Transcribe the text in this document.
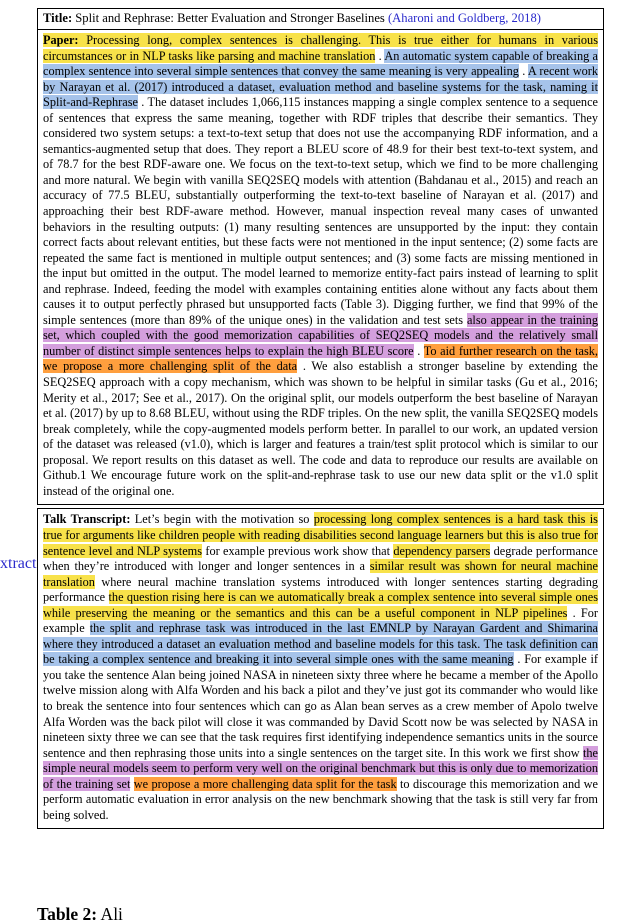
xtract
Title: Split and Rephrase: Better Evaluation and Stronger Baselines (Aharoni and Goldberg, 2018)
Paper: Processing long, complex sentences is challenging. This is true either for humans in various circumstances or in NLP tasks like parsing and machine translation . An automatic system capable of breaking a complex sentence into several simple sentences that convey the same meaning is very appealing . A recent work by Narayan et al. (2017) introduced a dataset, evaluation method and baseline systems for the task, naming it Split-and-Rephrase . The dataset includes 1,066,115 instances mapping a single complex sentence to a sequence of sentences that express the same meaning, together with RDF triples that describe their semantics. They considered two system setups: a text-to-text setup that does not use the accompanying RDF information, and a semantics-augmented setup that does. They report a BLEU score of 48.9 for their best text-to-text system, and of 78.7 for the best RDF-aware one. We focus on the text-to-text setup, which we find to be more challenging and more natural. We begin with vanilla SEQ2SEQ models with attention (Bahdanau et al., 2015) and reach an accuracy of 77.5 BLEU, substantially outperforming the text-to-text baseline of Narayan et al. (2017) and approaching their best RDF-aware method. However, manual inspection reveal many cases of unwanted behaviors in the resulting outputs: (1) many resulting sentences are unsupported by the input: they contain correct facts about relevant entities, but these facts were not mentioned in the input sentence; (2) some facts are repeated the same fact is mentioned in multiple output sentences; and (3) some facts are missing mentioned in the input but omitted in the output. The model learned to memorize entity-fact pairs instead of learning to split and rephrase. Indeed, feeding the model with examples containing entities alone without any facts about them causes it to output perfectly phrased but unsupported facts (Table 3). Digging further, we find that 99% of the simple sentences (more than 89% of the unique ones) in the validation and test sets also appear in the training set, which coupled with the good memorization capabilities of SEQ2SEQ models and the relatively small number of distinct simple sentences helps to explain the high BLEU score . To aid further research on the task, we propose a more challenging split of the data . We also establish a stronger baseline by extending the SEQ2SEQ approach with a copy mechanism, which was shown to be helpful in similar tasks (Gu et al., 2016; Merity et al., 2017; See et al., 2017). On the original split, our models outperform the best baseline of Narayan et al. (2017) by up to 8.68 BLEU, without using the RDF triples. On the new split, the vanilla SEQ2SEQ models break completely, while the copy-augmented models perform better. In parallel to our work, an updated version of the dataset was released (v1.0), which is larger and features a train/test split protocol which is similar to our proposal. We report results on this dataset as well. The code and data to reproduce our results are available on Github.1 We encourage future work on the split-and-rephrase task to use our new data split or the v1.0 split instead of the original one.
Talk Transcript: Let’s begin with the motivation so processing long complex sentences is a hard task this is true for arguments like children people with reading disabilities second language learners but this is also true for sentence level and NLP systems for example previous work show that dependency parsers degrade performance when they’re introduced with longer and longer sentences in a similar result was shown for neural machine translation where neural machine translation systems introduced with longer sentences starting degrading performance the question rising here is can we automatically break a complex sentence into several simple ones while preserving the meaning or the semantics and this can be a useful component in NLP pipelines . For example the split and rephrase task was introduced in the last EMNLP by Narayan Gardent and Shimarina where they introduced a dataset an evaluation method and baseline models for this task. The task definition can be taking a complex sentence and breaking it into several simple ones with the same meaning . For example if you take the sentence Alan being joined NASA in nineteen sixty three where he became a member of the Apollo twelve mission along with Alfa Worden and his back a pilot and they’ve just got its commander who would like to break the sentence into four sentences which can go as Alan bean serves as a crew member of Apolo twelve Alfa Worden was the back pilot will close it was commanded by David Scott now be was selected by NASA in nineteen sixty three we can see that the task requires first identifying independence semantics units in the source sentence and then rephrasing those units into a single sentences on the target site. In this work we first show the simple neural models seem to perform very well on the original benchmark but this is only due to memorization of the training set we propose a more challenging data split for the task to discourage this memorization and we perform automatic evaluation in error analysis on the new benchmark showing that the task is still very far from being solved.
Table 2: Ali
